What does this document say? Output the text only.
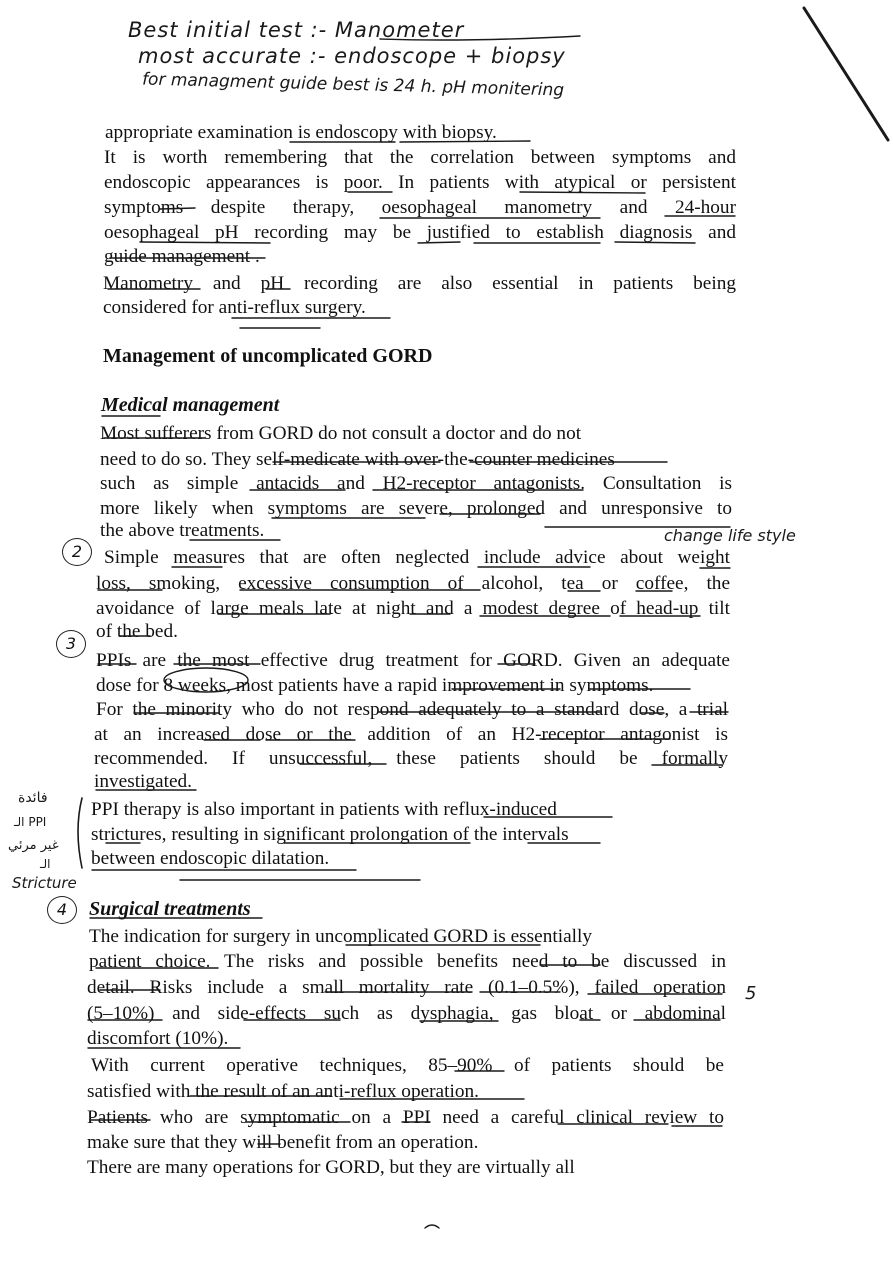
Best initial test :- Manometer
most accurate :- endoscope + biopsy
for managment guide best is 24 h. pH monitering

appropriate examination is endoscopy with biopsy.

It is worth remembering that the correlation between symptoms and

endoscopic appearances is poor. In patients with atypical or persistent

symptoms despite therapy, oesophageal manometry and 24-hour

oesophageal pH recording may be justified to establish diagnosis and

guide management .

Manometry and pH recording are also essential in patients being

considered for anti-reflux surgery.

Management of uncomplicated GORD
Medical management

Most sufferers from GORD do not consult a doctor and do not

need to do so. They self-medicate with over-the-counter medicines

such as simple antacids and H2-receptor antagonists. Consultation is

more likely when symptoms are severe, prolonged and unresponsive to

the above treatments.	change life style
2	Simple measures that are often neglected include advice about weight

loss, smoking, excessive consumption of alcohol, tea or coffee, the

avoidance of large meals late at night and a modest degree of head-up tilt

of the bed.

3

PPIs are the most effective drug treatment for GORD. Given an adequate

dose for 8 weeks, most patients have a rapid improvement in symptoms.

For the minority who do not respond adequately to a standard dose, a trial

at an increased dose or the addition of an H2-receptor antagonist is

recommended. If unsuccessful, these patients should be formally

investigated.

PPI therapy is also important in patients with reflux-induced

strictures, resulting in significant prolongation of the intervals

between endoscopic dilatation.

فائدة
الـ PPI
غير مرئي
الـ
Stricture
4	Surgical treatments

The indication for surgery in uncomplicated GORD is essentially

patient choice. The risks and possible benefits need to be discussed in

detail. Risks include a small mortality rate (0.1–0.5%), failed operation

(5–10%) and side-effects such as dysphagia, gas bloat or abdominal

discomfort (10%).

5

With current operative techniques, 85–90% of patients should be

satisfied with the result of an anti-reflux operation.

Patients who are symptomatic on a PPI need a careful clinical review to

make sure that they will benefit from an operation.

There are many operations for GORD, but they are virtually all
